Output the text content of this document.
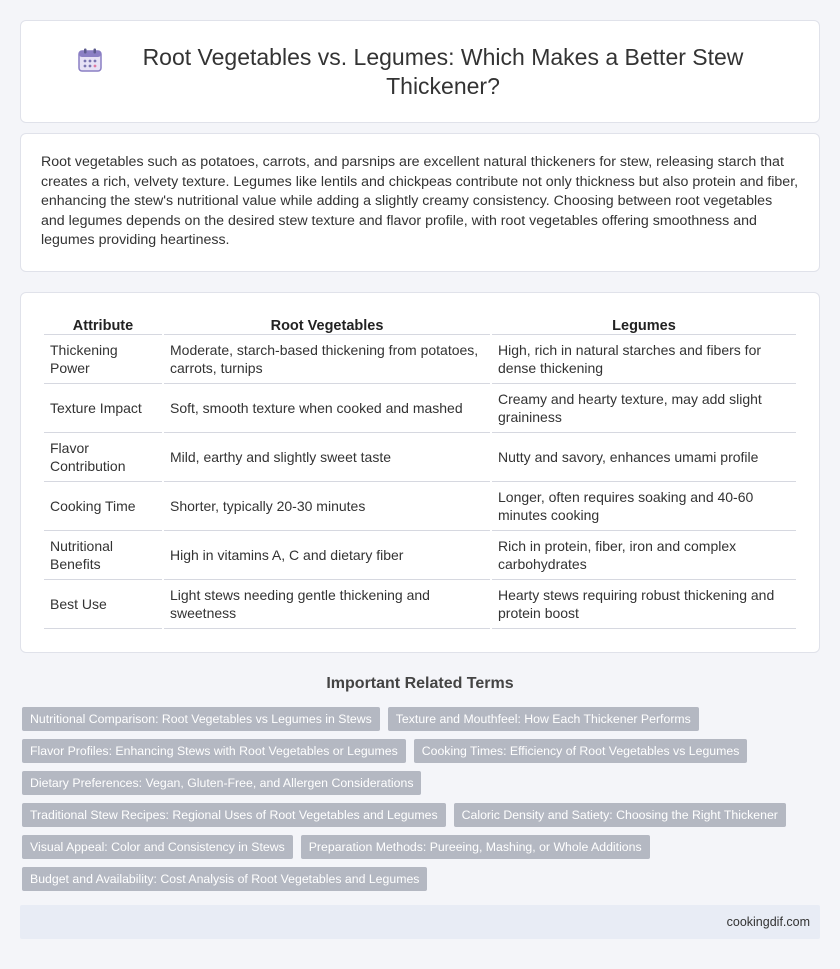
Root Vegetables vs. Legumes: Which Makes a Better Stew Thickener?

Root vegetables such as potatoes, carrots, and parsnips are excellent natural thickeners for stew, releasing starch that creates a rich, velvety texture. Legumes like lentils and chickpeas contribute not only thickness but also protein and fiber, enhancing the stew's nutritional value while adding a slightly creamy consistency. Choosing between root vegetables and legumes depends on the desired stew texture and flavor profile, with root vegetables offering smoothness and legumes providing heartiness.

Attribute	Root Vegetables	Legumes
Thickening Power	Moderate, starch-based thickening from potatoes, carrots, turnips	High, rich in natural starches and fibers for dense thickening
Texture Impact	Soft, smooth texture when cooked and mashed	Creamy and hearty texture, may add slight graininess
Flavor Contribution	Mild, earthy and slightly sweet taste	Nutty and savory, enhances umami profile
Cooking Time	Shorter, typically 20-30 minutes	Longer, often requires soaking and 40-60 minutes cooking
Nutritional Benefits	High in vitamins A, C and dietary fiber	Rich in protein, fiber, iron and complex carbohydrates
Best Use	Light stews needing gentle thickening and sweetness	Hearty stews requiring robust thickening and protein boost
Important Related Terms
Nutritional Comparison: Root Vegetables vs Legumes in Stews	Texture and Mouthfeel: How Each Thickener Performs
Flavor Profiles: Enhancing Stews with Root Vegetables or Legumes	Cooking Times: Efficiency of Root Vegetables vs Legumes
Dietary Preferences: Vegan, Gluten-Free, and Allergen Considerations
Traditional Stew Recipes: Regional Uses of Root Vegetables and Legumes	Caloric Density and Satiety: Choosing the Right Thickener
Visual Appeal: Color and Consistency in Stews	Preparation Methods: Pureeing, Mashing, or Whole Additions
Budget and Availability: Cost Analysis of Root Vegetables and Legumes
cookingdif.com
